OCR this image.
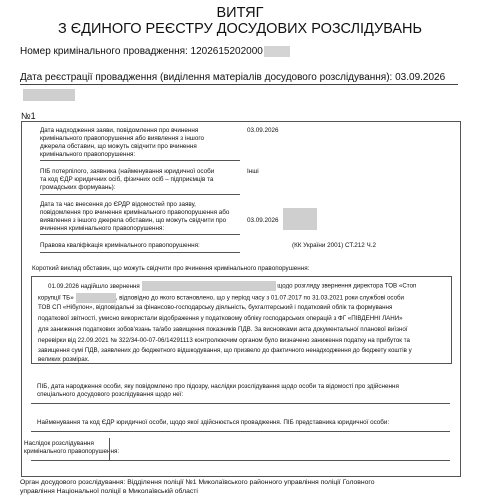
ВИТЯГ
З ЄДИНОГО РЕЄСТРУ ДОСУДОВИХ РОЗСЛІДУВАНЬ
Номер кримінального провадження: 1202615202000
Дата реєстрації провадження (виділення матеріалів досудового розслідування): 03.09.2026
№1
Дата надходження заяви, повідомлення про вчинення
кримінального правопорушення або виявлення з іншого
джерела обставин, що можуть свідчити про вчинення
кримінального правопорушення:
03.09.2026
ПІБ потерпілого, заявника (найменування юридичної особи
та код ЄДР юридичних осіб, фізичних осіб – підприємців та
громадських формувань):
Інші
Дата та час внесення до ЄРДР відомостей про заяву,
повідомлення про вчинення кримінального правопорушення або
виявлення з іншого джерела обставин, що можуть свідчити про
вчинення кримінального правопорушення:
03.09.2026
Правова кваліфікація кримінального правопорушення:	(КК України 2001) СТ.212 Ч.2
Короткий виклад обставин, що можуть свідчити про вчинення кримінального правопорушення:
01.09.2026 надійшло звернення	щодо розгляду звернення директора ТОВ «Стоп
корупції ТБ»	, відповідно до якого встановлено, що у період часу з 01.07.2017 по 31.03.2021 роки службові особи
ТОВ СП «Нібулон», відповідальні за фінансово-господарську діяльність, бухгалтерський і податковий облік та формування
податкової звітності, умисно використали відображення у податковому обліку господарських операцій з ФГ «ПІВДЕННІ ЛАНИ»
для заниження податкових зобов'язань та/або завищення показників ПДВ. За висновками акта документальної планової виїзної
перевірки від 22.09.2021 № 322/34-00-07-06/14291113 контролюючим органом було визначено заниження податку на прибуток та
завищення сумі ПДВ, заявлених до бюджетного відшкодування, що призвело до фактичного ненадходження до бюджету коштів у
великих розмірах.
ПІБ, дата народження особи, яку повідомлено про підозру, наслідки розслідування щодо особи та відомості про здійснення
спеціального досудового розслідування щодо неї:
Найменування та код ЄДР юридичної особи, щодо якої здійснюється провадження. ПІБ представника юридичної особи:
Наслідок розслідування
кримінального правопорушення:
Орган досудового розслідування: Відділення поліції №1 Миколаївського районного управління поліції Головного
управління Національної поліції в Миколаївській області
